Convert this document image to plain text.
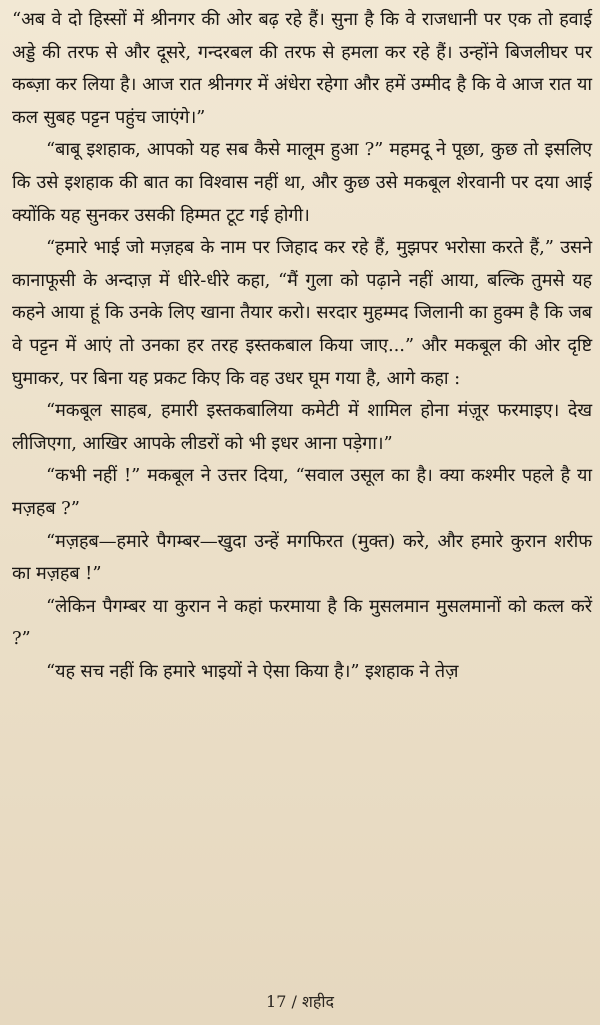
“अब वे दो हिस्सों में श्रीनगर की ओर बढ़ रहे हैं। सुना है कि वे राजधानी पर एक तो हवाई अड्डे की तरफ से और दूसरे, गन्दरबल की तरफ से हमला कर रहे हैं। उन्होंने बिजलीघर पर कब्ज़ा कर लिया है। आज रात श्रीनगर में अंधेरा रहेगा और हमें उम्मीद है कि वे आज रात या कल सुबह पट्टन पहुंच जाएंगे।”

“बाबू इशहाक, आपको यह सब कैसे मालूम हुआ ?” महमदू ने पूछा, कुछ तो इसलिए कि उसे इशहाक की बात का विश्वास नहीं था, और कुछ उसे मकबूल शेरवानी पर दया आई क्योंकि यह सुनकर उसकी हिम्मत टूट गई होगी।

“हमारे भाई जो मज़हब के नाम पर जिहाद कर रहे हैं, मुझपर भरोसा करते हैं,” उसने कानाफूसी के अन्दाज़ में धीरे-धीरे कहा, “मैं गुला को पढ़ाने नहीं आया, बल्कि तुमसे यह कहने आया हूं कि उनके लिए खाना तैयार करो। सरदार मुहम्मद जिलानी का हुक्म है कि जब वे पट्टन में आएं तो उनका हर तरह इस्तकबाल किया जाए...” और मकबूल की ओर दृष्टि घुमाकर, पर बिना यह प्रकट किए कि वह उधर घूम गया है, आगे कहा :

“मकबूल साहब, हमारी इस्तकबालिया कमेटी में शामिल होना मंज़ूर फरमाइए। देख लीजिएगा, आखिर आपके लीडरों को भी इधर आना पड़ेगा।”

“कभी नहीं !” मकबूल ने उत्तर दिया, “सवाल उसूल का है। क्या कश्मीर पहले है या मज़हब ?”

“मज़हब—हमारे पैगम्बर—खुदा उन्हें मगफिरत (मुक्त) करे, और हमारे कुरान शरीफ का मज़हब !”

“लेकिन पैगम्बर या कुरान ने कहां फरमाया है कि मुसलमान मुसलमानों को कत्ल करें ?”

“यह सच नहीं कि हमारे भाइयों ने ऐसा किया है।” इशहाक ने तेज़

17 / शहीद
